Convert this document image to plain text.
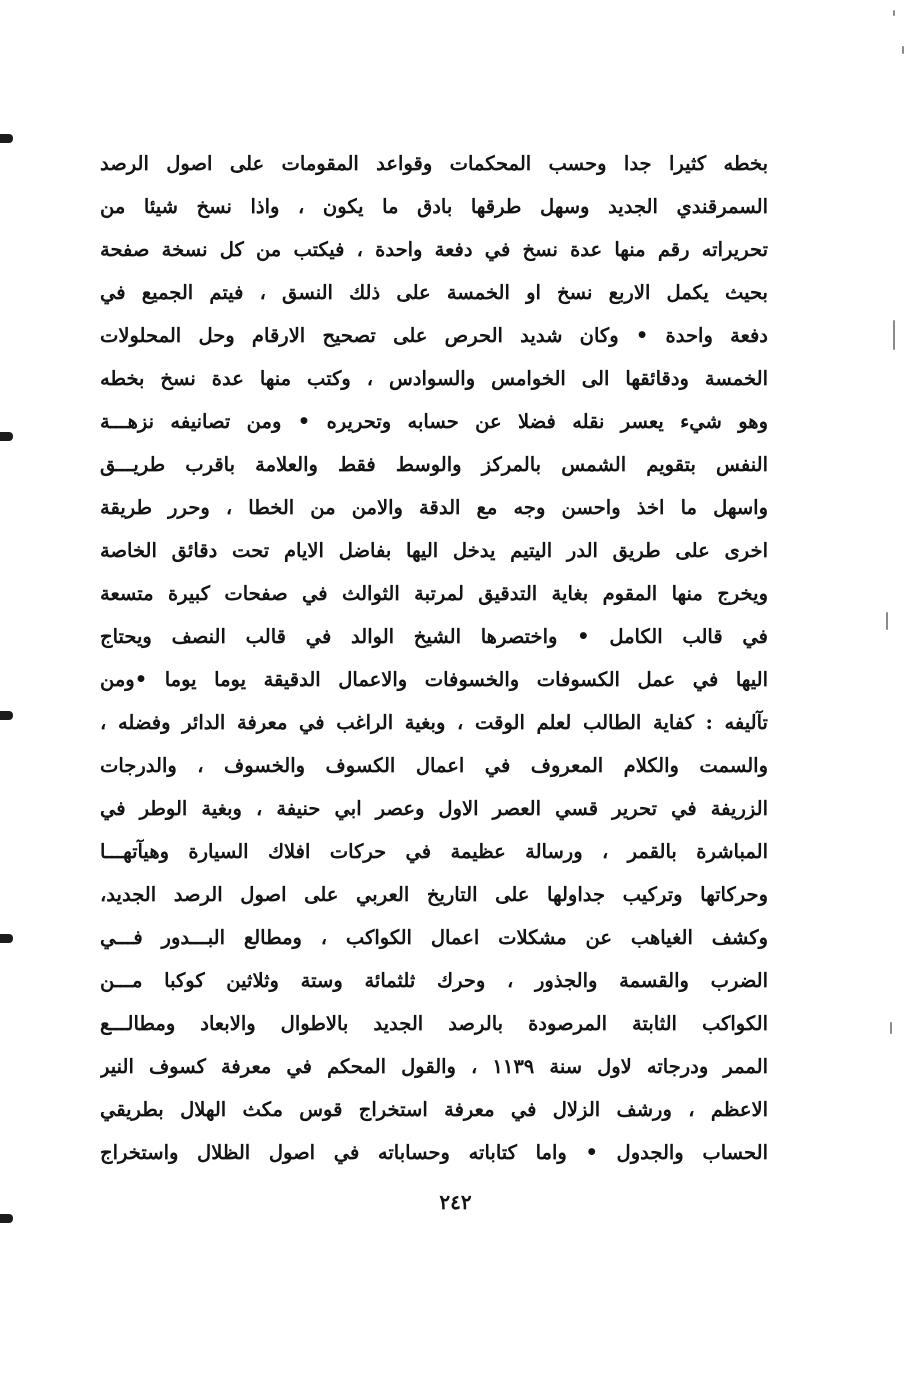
بخطه كثيرا جدا وحسب المحكمات وقواعد المقومات على اصول الرصد
السمرقندي الجديد وسهل طرقها بادق ما يكون ، واذا نسخ شيئا من
تحريراته رقم منها عدة نسخ في دفعة واحدة ، فيكتب من كل نسخة صفحة
بحيث يكمل الاربع نسخ او الخمسة على ذلك النسق ، فيتم الجميع في
دفعة واحدة • وكان شديد الحرص على تصحيح الارقام وحل المحلولات
الخمسة ودقائقها الى الخوامس والسوادس ، وكتب منها عدة نسخ بخطه
وهو شيء يعسر نقله فضلا عن حسابه وتحريره • ومن تصانيفه نزهـــة
النفس بتقويم الشمس بالمركز والوسط فقط والعلامة باقرب طريـــق
واسهل ما اخذ واحسن وجه مع الدقة والامن من الخطا ، وحرر طريقة
اخرى على طريق الدر اليتيم يدخل اليها بفاضل الايام تحت دقائق الخاصة
ويخرج منها المقوم بغاية التدقيق لمرتبة الثوالث في صفحات كبيرة متسعة
في قالب الكامل • واختصرها الشيخ الوالد في قالب النصف ويحتاج
اليها في عمل الكسوفات والخسوفات والاعمال الدقيقة يوما يوما •ومن
تآليفه : كفاية الطالب لعلم الوقت ، وبغية الراغب في معرفة الدائر وفضله ،
والسمت والكلام المعروف في اعمال الكسوف والخسوف ، والدرجات
الزريفة في تحرير قسي العصر الاول وعصر ابي حنيفة ، وبغية الوطر في
المباشرة بالقمر ، ورسالة عظيمة في حركات افلاك السيارة وهيآتهـــا
وحركاتها وتركيب جداولها على التاريخ العربي على اصول الرصد الجديد،
وكشف الغياهب عن مشكلات اعمال الكواكب ، ومطالع البـــدور فـــي
الضرب والقسمة والجذور ، وحرك ثلثمائة وستة وثلاثين كوكبا مـــن
الكواكب الثابتة المرصودة بالرصد الجديد بالاطوال والابعاد ومطالـــع
الممر ودرجاته لاول سنة ١١٣٩ ، والقول المحكم في معرفة كسوف النير
الاعظم ، ورشف الزلال في معرفة استخراج قوس مكث الهلال بطريقي
الحساب والجدول • واما كتاباته وحساباته في اصول الظلال واستخراج
٢٤٢
